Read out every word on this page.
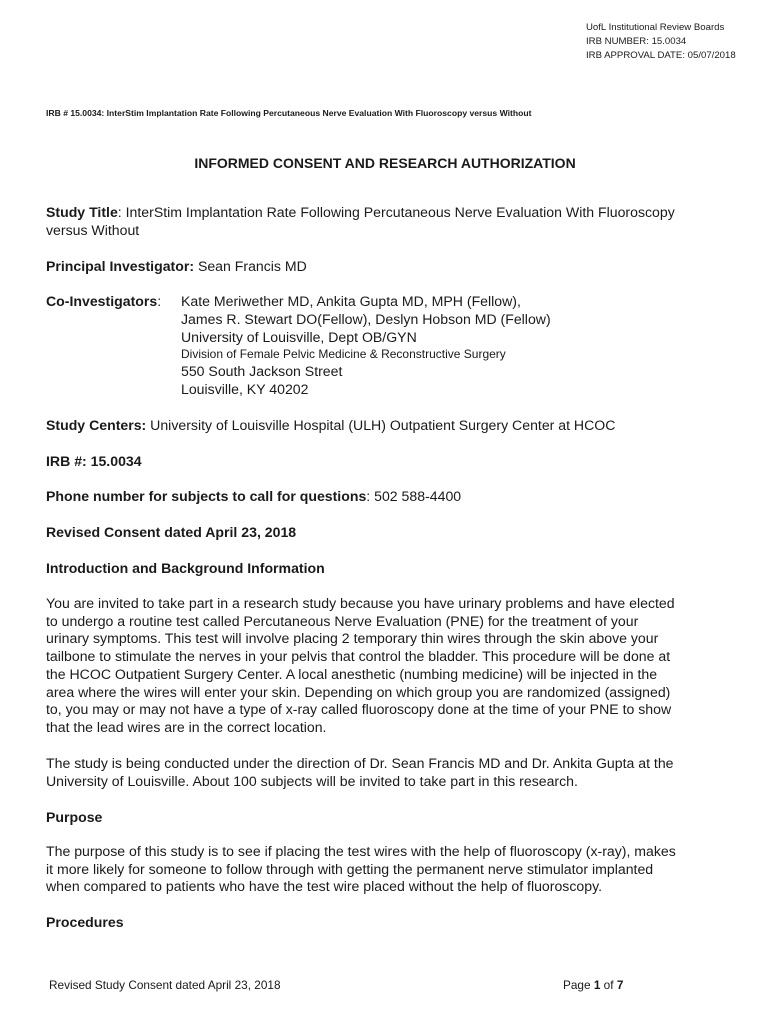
UofL Institutional Review Boards
IRB NUMBER: 15.0034
IRB APPROVAL DATE: 05/07/2018
IRB # 15.0034: InterStim Implantation Rate Following Percutaneous Nerve Evaluation With Fluoroscopy versus Without
INFORMED CONSENT AND RESEARCH AUTHORIZATION
Study Title: InterStim Implantation Rate Following Percutaneous Nerve Evaluation With Fluoroscopy
versus Without
Principal Investigator: Sean Francis MD
Co-Investigators: Kate Meriwether MD, Ankita Gupta MD, MPH (Fellow),
James R. Stewart DO(Fellow), Deslyn Hobson MD (Fellow)
University of Louisville, Dept OB/GYN
Division of Female Pelvic Medicine & Reconstructive Surgery
550 South Jackson Street
Louisville, KY 40202
Study Centers: University of Louisville Hospital (ULH) Outpatient Surgery Center at HCOC
IRB #: 15.0034
Phone number for subjects to call for questions: 502 588-4400
Revised Consent dated April 23, 2018
Introduction and Background Information
You are invited to take part in a research study because you have urinary problems and have elected
to undergo a routine test called Percutaneous Nerve Evaluation (PNE) for the treatment of your
urinary symptoms. This test will involve placing 2 temporary thin wires through the skin above your
tailbone to stimulate the nerves in your pelvis that control the bladder. This procedure will be done at
the HCOC Outpatient Surgery Center. A local anesthetic (numbing medicine) will be injected in the
area where the wires will enter your skin. Depending on which group you are randomized (assigned)
to, you may or may not have a type of x-ray called fluoroscopy done at the time of your PNE to show
that the lead wires are in the correct location.
The study is being conducted under the direction of Dr. Sean Francis MD and Dr. Ankita Gupta at the
University of Louisville. About 100 subjects will be invited to take part in this research.
Purpose
The purpose of this study is to see if placing the test wires with the help of fluoroscopy (x-ray), makes
it more likely for someone to follow through with getting the permanent nerve stimulator implanted
when compared to patients who have the test wire placed without the help of fluoroscopy.
Procedures
Revised Study Consent dated April 23, 2018	Page 1 of 7
